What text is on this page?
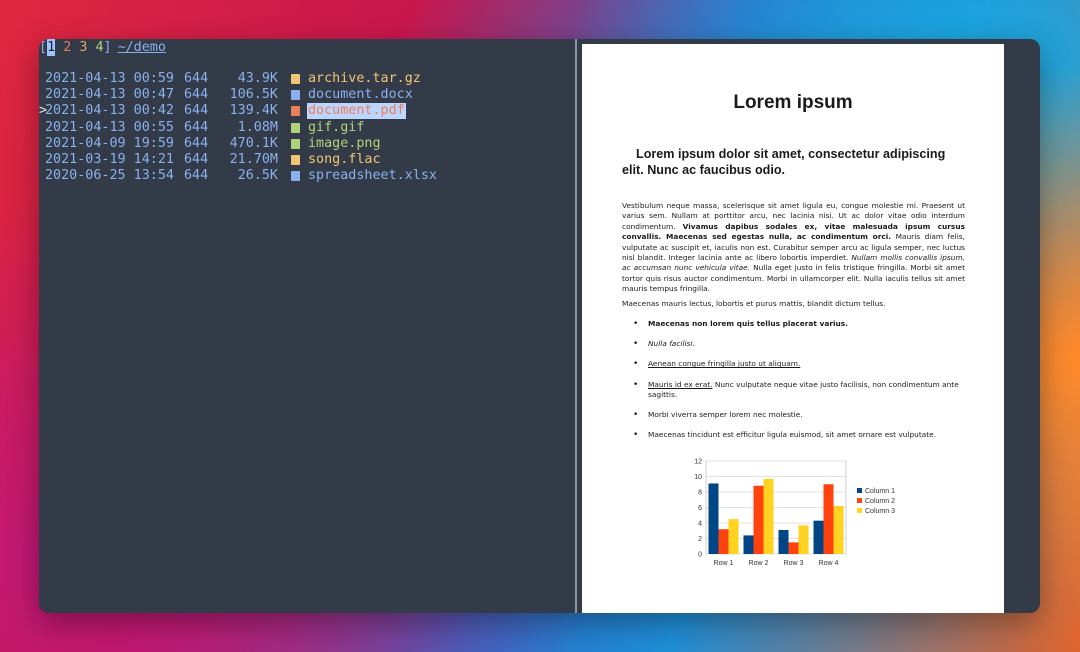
[1 2 3 4] ~/demo
2021-04-13 00:59 644	43.9K archive.tar.gz
2021-04-13 00:47 644	106.5K document.docx
>
2021-04-13 00:42 644	139.4K document.pdf
2021-04-13 00:55 644	1.08M gif.gif
2021-04-09 19:59 644	470.1K image.png
2021-03-19 14:21 644	21.70M song.flac
2020-06-25 13:54 644	26.5K spreadsheet.xlsx
Lorem ipsum
Lorem ipsum dolor sit amet, consectetur adipiscing elit. Nunc ac faucibus odio.

Vestibulum neque massa, scelerisque sit amet ligula eu, congue molestie mi. Praesent ut varius sem. Nullam at porttitor arcu, nec lacinia nisi. Ut ac dolor vitae odio interdum condimentum. Vivamus dapibus sodales ex, vitae malesuada ipsum cursus convallis. Maecenas sed egestas nulla, ac condimentum orci. Mauris diam felis, vulputate ac suscipit et, iaculis non est. Curabitur semper arcu ac ligula semper, nec luctus nisl blandit. Integer lacinia ante ac libero lobortis imperdiet. Nullam mollis convallis ipsum, ac accumsan nunc vehicula vitae. Nulla eget justo in felis tristique fringilla. Morbi sit amet tortor quis risus auctor condimentum. Morbi in ullamcorper elit. Nulla iaculis tellus sit amet mauris tempus fringilla.

Maecenas mauris lectus, lobortis et purus mattis, blandit dictum tellus.

• Maecenas non lorem quis tellus placerat varius.
• Nulla facilisi.
• Aenean congue fringilla justo ut aliquam.
• Mauris id ex erat. Nunc vulputate neque vitae justo facilisis, non condimentum ante sagittis.
• Morbi viverra semper lorem nec molestie.
• Maecenas tincidunt est efficitur ligula euismod, sit amet ornare est vulputate.
0
2
4
6
8
10
12
Row 1 Row 2 Row 3 Row 4
Column 1
Column 2
Column 3
